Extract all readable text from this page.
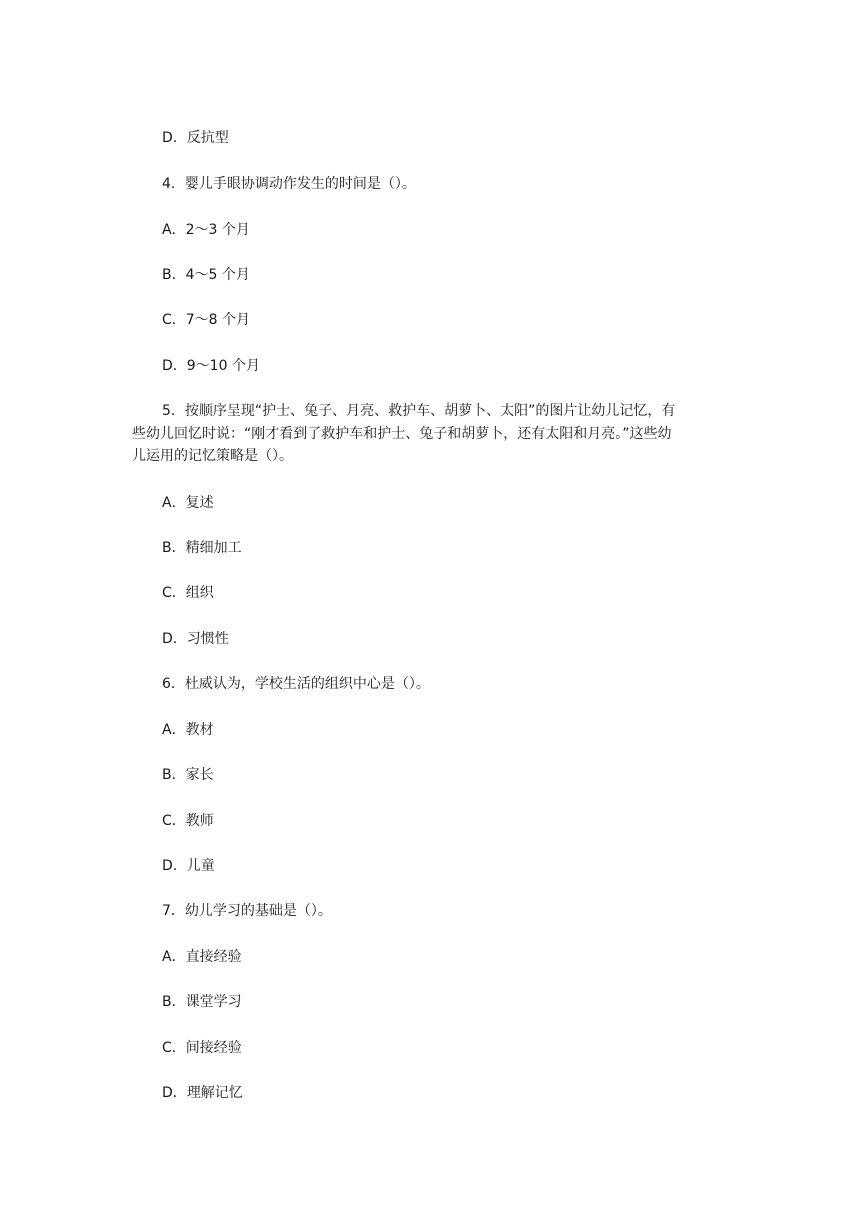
D．反抗型
4．婴儿手眼协调动作发生的时间是（）。
A．2～3 个月
B．4～5 个月
C．7～8 个月
D．9～10 个月
5．按顺序呈现“护士、兔子、月亮、救护车、胡萝卜、太阳”的图片让幼儿记忆，有
些幼儿回忆时说：“刚才看到了救护车和护士、兔子和胡萝卜，还有太阳和月亮。”这些幼
儿运用的记忆策略是（）。
A．复述
B．精细加工
C．组织
D．习惯性
6．杜威认为，学校生活的组织中心是（）。
A．教材
B．家长
C．教师
D．儿童
7．幼儿学习的基础是（）。
A．直接经验
B．课堂学习
C．间接经验
D．理解记忆
